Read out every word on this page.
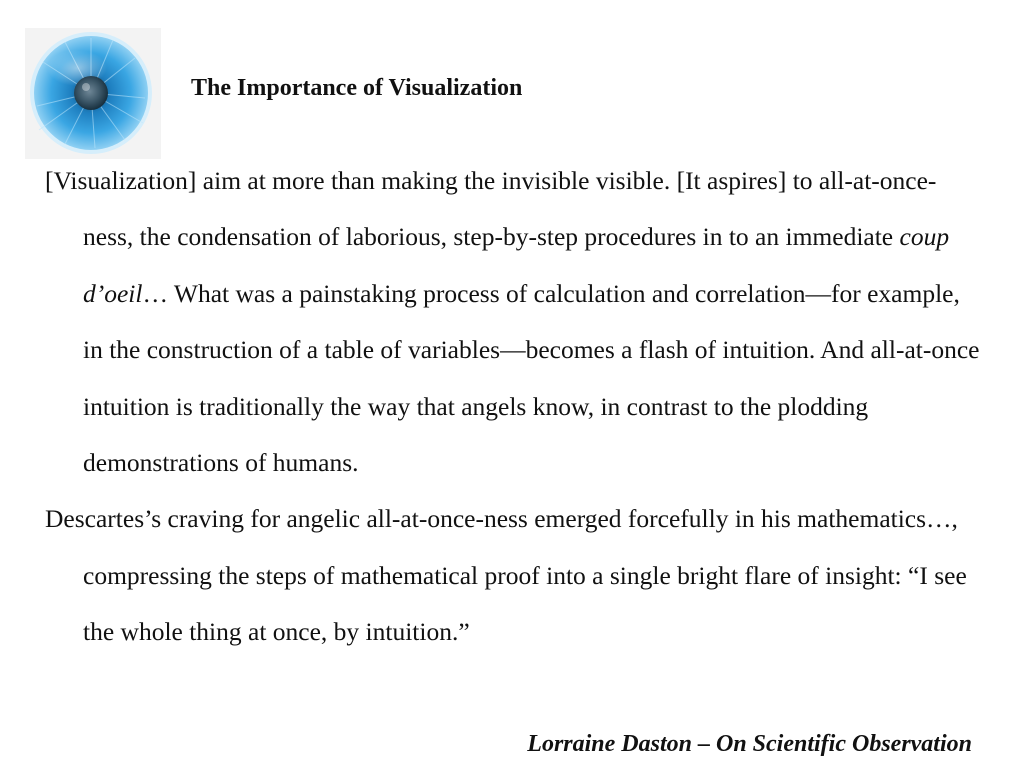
The Importance of Visualization

[Visualization] aim at more than making the invisible visible. [It aspires] to all-at-once-ness, the condensation of laborious, step-by-step procedures in to an immediate coup d’oeil… What was a painstaking process of calculation and correlation—for example, in the construction of a table of variables—becomes a flash of intuition. And all-at-once intuition is traditionally the way that angels know, in contrast to the plodding demonstrations of humans.

Descartes’s craving for angelic all-at-once-ness emerged forcefully in his mathematics…, compressing the steps of mathematical proof into a single bright flare of insight: “I see the whole thing at once, by intuition.”

Lorraine Daston – On Scientific Observation
